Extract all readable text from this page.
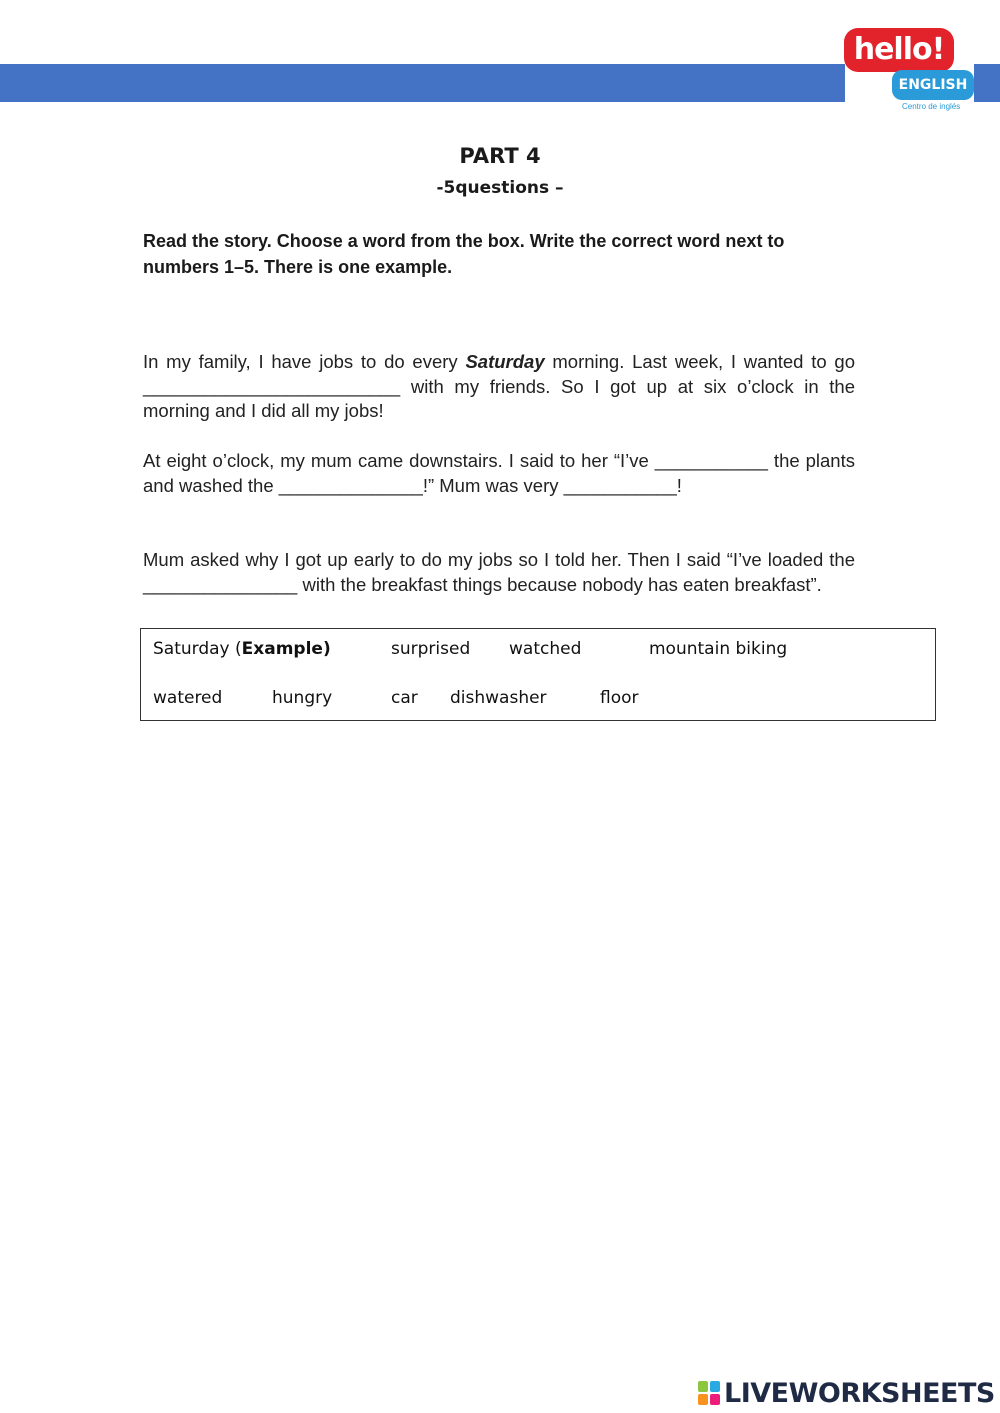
hello!
ENGLISH
Centro de inglés
PART 4
-5questions –
Read the story. Choose a word from the box. Write the correct word next to numbers 1–5. There is one example.
In my family, I have jobs to do every Saturday morning. Last week, I wanted to go _________________________ with my friends. So I got up at six o’clock in the morning and I did all my jobs!
At eight o’clock, my mum came downstairs. I said to her “I’ve ___________ the plants and washed the ______________!” Mum was very ___________!
Mum asked why I got up early to do my jobs so I told her. Then I said “I’ve loaded the _______________ with the breakfast things because nobody has eaten breakfast”.
Saturday (Example)	surprised watched	mountain biking
watered	hungry	car dishwasher	floor
LIVEWORKSHEETS
